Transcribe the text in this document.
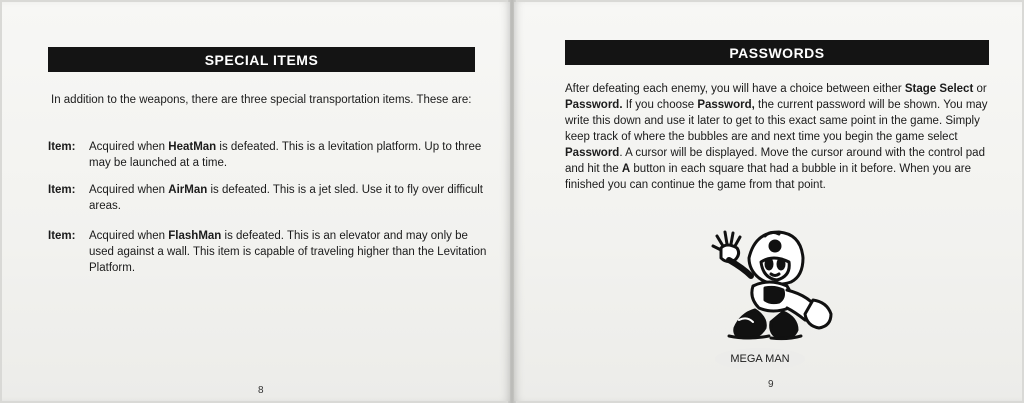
SPECIAL ITEMS
In addition to the weapons, there are three special transportation items. These are:
Item:	Acquired when HeatMan is defeated. This is a levitation platform. Up to three may be launched at a time.
Item:	Acquired when AirMan is defeated. This is a jet sled. Use it to fly over difficult areas.
Item:	Acquired when FlashMan is defeated. This is an elevator and may only be used against a wall. This item is capable of traveling higher than the Levitation Platform.
8
PASSWORDS
After defeating each enemy, you will have a choice between either Stage Select or Password. If you choose Password, the current password will be shown. You may write this down and use it later to get to this exact same point in the game. Simply keep track of where the bubbles are and next time you begin the game select Password. A cursor will be displayed. Move the cursor around with the control pad and hit the A button in each square that had a bubble in it before. When you are finished you can continue the game from that point.
MEGA MAN
9
